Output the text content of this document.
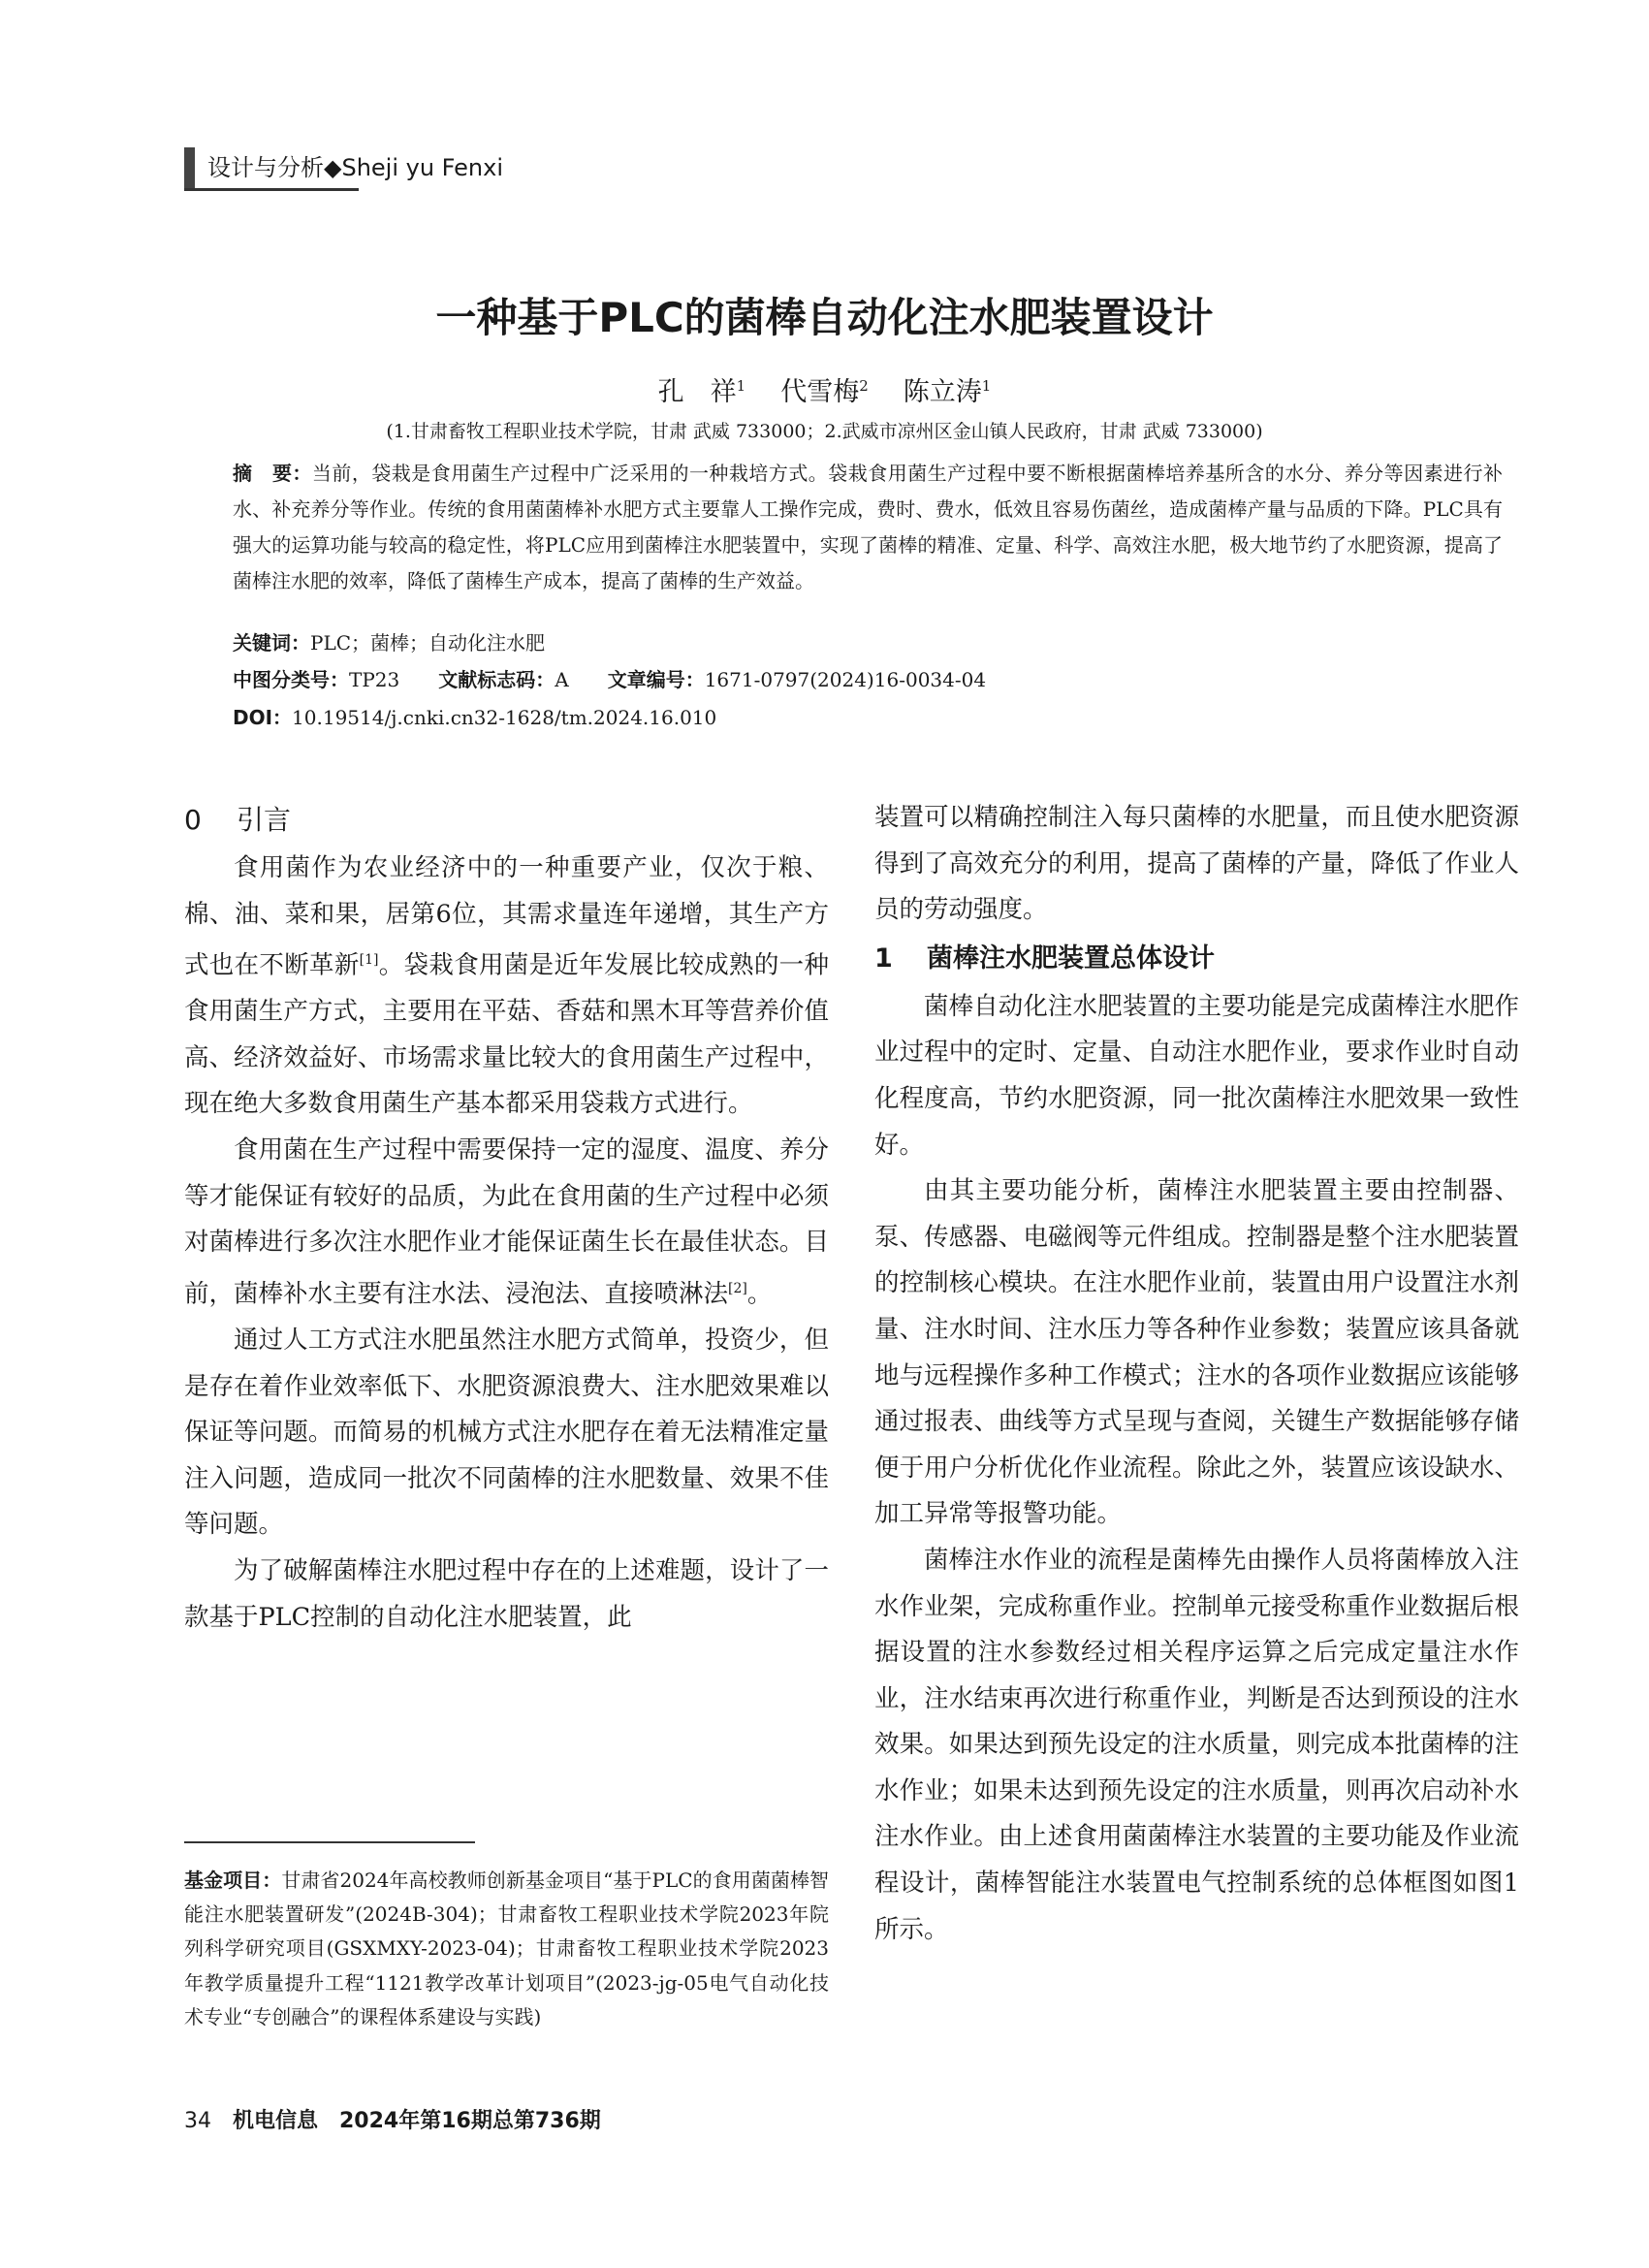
设计与分析◆Sheji yu Fenxi
一种基于PLC的菌棒自动化注水肥装置设计
孔　祥$^1$ 代雪梅$^2$ 陈立涛$^1$
(1.甘肃畜牧工程职业技术学院，甘肃 武威 733000；2.武威市凉州区金山镇人民政府，甘肃 武威 733000)
摘　要：当前，袋栽是食用菌生产过程中广泛采用的一种栽培方式。袋栽食用菌生产过程中要不断根据菌棒培养基所含的水分、养分等因素进行补水、补充养分等作业。传统的食用菌菌棒补水肥方式主要靠人工操作完成，费时、费水，低效且容易伤菌丝，造成菌棒产量与品质的下降。PLC具有强大的运算功能与较高的稳定性，将PLC应用到菌棒注水肥装置中，实现了菌棒的精准、定量、科学、高效注水肥，极大地节约了水肥资源，提高了菌棒注水肥的效率，降低了菌棒生产成本，提高了菌棒的生产效益。
关键词：PLC；菌棒；自动化注水肥
中图分类号：TP23 文献标志码：A 文章编号：1671-0797(2024)16-0034-04
DOI：10.19514/j.cnki.cn32-1628/tm.2024.16.010
0 引言

食用菌作为农业经济中的一种重要产业，仅次于粮、棉、油、菜和果，居第6位，其需求量连年递增，其生产方式也在不断革新[1]。袋栽食用菌是近年发展比较成熟的一种食用菌生产方式，主要用在平菇、香菇和黑木耳等营养价值高、经济效益好、市场需求量比较大的食用菌生产过程中，现在绝大多数食用菌生产基本都采用袋栽方式进行。

食用菌在生产过程中需要保持一定的湿度、温度、养分等才能保证有较好的品质，为此在食用菌的生产过程中必须对菌棒进行多次注水肥作业才能保证菌生长在最佳状态。目前，菌棒补水主要有注水法、浸泡法、直接喷淋法[2]。

通过人工方式注水肥虽然注水肥方式简单，投资少，但是存在着作业效率低下、水肥资源浪费大、注水肥效果难以保证等问题。而简易的机械方式注水肥存在着无法精准定量注入问题，造成同一批次不同菌棒的注水肥数量、效果不佳等问题。

为了破解菌棒注水肥过程中存在的上述难题，设计了一款基于PLC控制的自动化注水肥装置，此

基金项目：甘肃省2024年高校教师创新基金项目“基于PLC的食用菌菌棒智能注水肥装置研发”(2024B-304)；甘肃畜牧工程职业技术学院2023年院列科学研究项目(GSXMXY-2023-04)；甘肃畜牧工程职业技术学院2023年教学质量提升工程“1121教学改革计划项目”(2023-jg-05电气自动化技术专业“专创融合”的课程体系建设与实践)

装置可以精确控制注入每只菌棒的水肥量，而且使水肥资源得到了高效充分的利用，提高了菌棒的产量，降低了作业人员的劳动强度。

1 菌棒注水肥装置总体设计

菌棒自动化注水肥装置的主要功能是完成菌棒注水肥作业过程中的定时、定量、自动注水肥作业，要求作业时自动化程度高，节约水肥资源，同一批次菌棒注水肥效果一致性好。

由其主要功能分析，菌棒注水肥装置主要由控制器、泵、传感器、电磁阀等元件组成。控制器是整个注水肥装置的控制核心模块。在注水肥作业前，装置由用户设置注水剂量、注水时间、注水压力等各种作业参数；装置应该具备就地与远程操作多种工作模式；注水的各项作业数据应该能够通过报表、曲线等方式呈现与查阅，关键生产数据能够存储便于用户分析优化作业流程。除此之外，装置应该设缺水、加工异常等报警功能。

菌棒注水作业的流程是菌棒先由操作人员将菌棒放入注水作业架，完成称重作业。控制单元接受称重作业数据后根据设置的注水参数经过相关程序运算之后完成定量注水作业，注水结束再次进行称重作业，判断是否达到预设的注水效果。如果达到预先设定的注水质量，则完成本批菌棒的注水作业；如果未达到预先设定的注水质量，则再次启动补水注水作业。由上述食用菌菌棒注水装置的主要功能及作业流程设计，菌棒智能注水装置电气控制系统的总体框图如图1所示。

34 机电信息　2024年第16期总第736期
